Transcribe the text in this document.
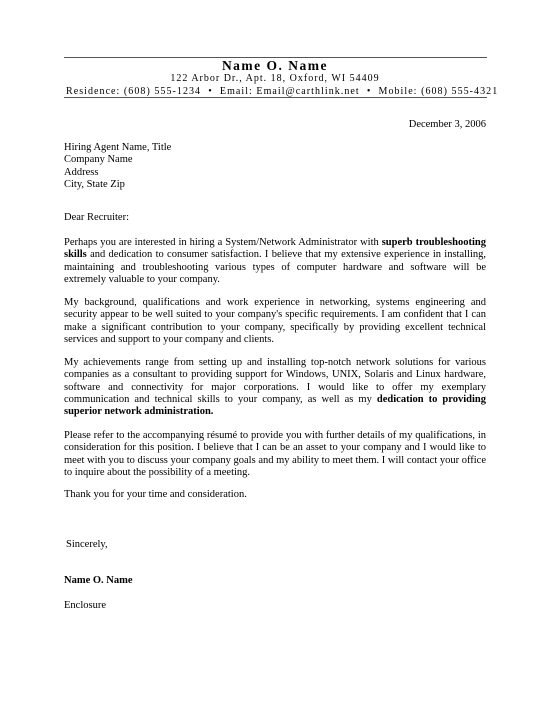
Name O. Name
122 Arbor Dr., Apt. 18, Oxford, WI 54409
Residence: (608) 555-1234 • Email: Email@carthlink.net • Mobile: (608) 555-4321
December 3, 2006
Hiring Agent Name, Title
Company Name
Address
City, State Zip
Dear Recruiter:
Perhaps you are interested in hiring a System/Network Administrator with superb troubleshooting skills and dedication to consumer satisfaction. I believe that my extensive experience in installing, maintaining and troubleshooting various types of computer hardware and software will be extremely valuable to your company.
My background, qualifications and work experience in networking, systems engineering and security appear to be well suited to your company's specific requirements. I am confident that I can make a significant contribution to your company, specifically by providing excellent technical services and support to your company and clients.
My achievements range from setting up and installing top-notch network solutions for various companies as a consultant to providing support for Windows, UNIX, Solaris and Linux hardware, software and connectivity for major corporations. I would like to offer my exemplary communication and technical skills to your company, as well as my dedication to providing superior network administration.
Please refer to the accompanying résumé to provide you with further details of my qualifications, in consideration for this position. I believe that I can be an asset to your company and I would like to meet with you to discuss your company goals and my ability to meet them. I will contact your office to inquire about the possibility of a meeting.
Thank you for your time and consideration.
Sincerely,
Name O. Name
Enclosure
